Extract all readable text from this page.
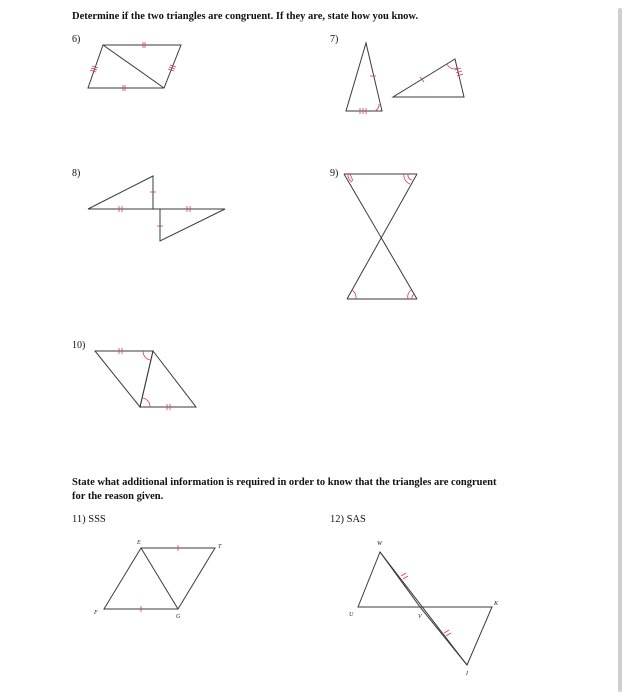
Determine if the two triangles are congruent. If they are, state how you know.
6)	7)
8)	9)
10)
State what additional information is required in order to know that the triangles are congruent
for the reason given.
11) SSS	12) SAS
E
T
F
G
W
U	V
K
I
